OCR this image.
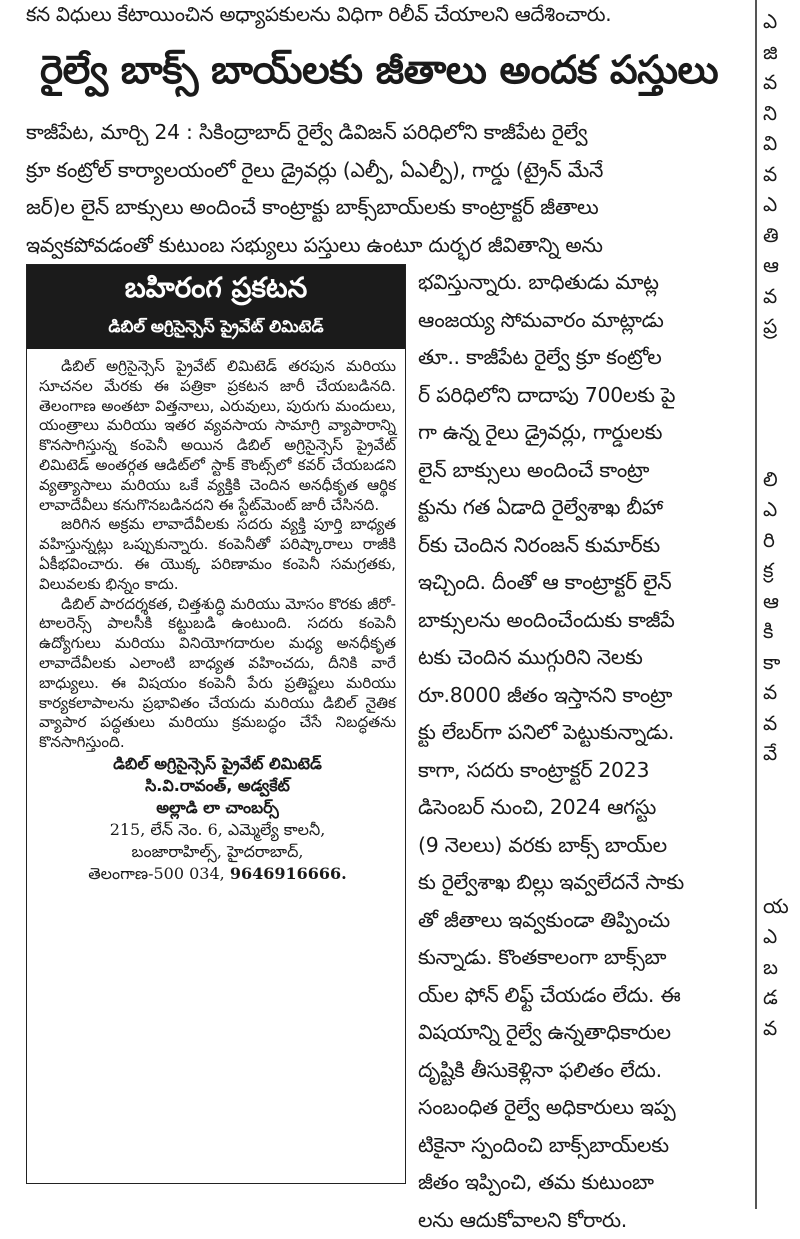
కన విధులు కేటాయించిన అధ్యాపకులను విధిగా రిలీవ్ చేయాలని ఆదేశించారు.
రైల్వే బాక్స్ బాయ్‌లకు జీతాలు అందక పస్తులు
కాజీపేట, మార్చి 24 : సికింద్రాబాద్ రైల్వే డివిజన్ పరిధిలోని కాజీపేట రైల్వే
క్రూ కంట్రోల్ కార్యాలయంలో రైలు డ్రైవర్లు (ఎల్పీ, ఏఎల్పీ), గార్డు (ట్రైన్ మేనే
జర్)ల లైన్ బాక్సులు అందించే కాంట్రాక్టు బాక్స్‌బాయ్‌లకు కాంట్రాక్టర్ జీతాలు
ఇవ్వకపోవడంతో కుటుంబ సభ్యులు పస్తులు ఉంటూ దుర్భర జీవితాన్ని అను
బహిరంగ ప్రకటన
డిబిల్ అగ్రిసైన్సెస్ ప్రైవేట్ లిమిటెడ్

డిబిల్ అగ్రిసైన్సెస్ ప్రైవేట్ లిమిటెడ్ తరపున మరియు సూచనల మేరకు ఈ పత్రికా ప్రకటన జారీ చేయబడినది. తెలంగాణ అంతటా విత్తనాలు, ఎరువులు, పురుగు మందులు, యంత్రాలు మరియు ఇతర వ్యవసాయ సామాగ్రి వ్యాపారాన్ని కొనసాగిస్తున్న కంపెనీ అయిన డిబిల్ అగ్రిసైన్సెస్ ప్రైవేట్ లిమిటెడ్ అంతర్గత ఆడిట్‌లో స్టాక్ కౌంట్స్‌లో కవర్ చేయబడని వ్యత్యాసాలు మరియు ఒకే వ్యక్తికి చెందిన అనధీకృత ఆర్థిక లావాదేవీలు కనుగొనబడినదని ఈ స్టేట్‌మెంట్ జారీ చేసినది.

జరిగిన అక్రమ లావాదేవీలకు సదరు వ్యక్తి పూర్తి బాధ్యత వహిస్తున్నట్లు ఒప్పుకున్నారు. కంపెనీతో పరిష్కారాలు రాజీకి ఏకీభవించారు. ఈ యొక్క పరిణామం కంపెనీ సమగ్రతకు, విలువలకు భిన్నం కాదు.

డిబిల్ పారదర్శకత, చిత్తశుద్ధి మరియు మోసం కొరకు జీరో-టాలరెన్స్ పాలసీకి కట్టుబడి ఉంటుంది. సదరు కంపెనీ ఉద్యోగులు మరియు వినియోగదారుల మధ్య అనధీకృత లావాదేవీలకు ఎలాంటి బాధ్యత వహించదు, దీనికి వారే బాధ్యులు. ఈ విషయం కంపెనీ పేరు ప్రతిష్టలు మరియు కార్యకలాపాలను ప్రభావితం చేయదు మరియు డిబిల్ నైతిక వ్యాపార పద్ధతులు మరియు క్రమబద్ధం చేసే నిబద్ధతను కొనసాగిస్తుంది.

డిబిల్ అగ్రిసైన్సెస్ ప్రైవేట్ లిమిటెడ్
సి.వి.రావంత్, అడ్వకేట్
అల్లాడి లా చాంబర్స్
215, లేన్ నెం. 6, ఎమ్మెల్యే కాలనీ,
బంజారాహిల్స్, హైదరాబాద్,
తెలంగాణ-500 034, 9646916666.
భవిస్తున్నారు. బాధితుడు మాట్ల
ఆంజయ్య సోమవారం మాట్లాడు
తూ.. కాజీపేట రైల్వే క్రూ కంట్రోల
ర్ పరిధిలోని దాదాపు 700లకు పై
గా ఉన్న రైలు డ్రైవర్లు, గార్డులకు
లైన్ బాక్సులు అందించే కాంట్రా
క్టును గత ఏడాది రైల్వేశాఖ బీహా
ర్‌కు చెందిన నిరంజన్ కుమార్‌కు
ఇచ్చింది. దీంతో ఆ కాంట్రాక్టర్ లైన్
బాక్సులను అందించేందుకు కాజీపే
టకు చెందిన ముగ్గురిని నెలకు
రూ.8000 జీతం ఇస్తానని కాంట్రా
క్టు లేబర్‌గా పనిలో పెట్టుకున్నాడు.
కాగా, సదరు కాంట్రాక్టర్ 2023
డిసెంబర్ నుంచి, 2024 ఆగస్టు
(9 నెలలు) వరకు బాక్స్ బాయ్‌ల
కు రైల్వేశాఖ బిల్లు ఇవ్వలేదనే సాకు
తో జీతాలు ఇవ్వకుండా తిప్పించు
కున్నాడు. కొంతకాలంగా బాక్స్‌బా
య్‌ల ఫోన్ లిఫ్ట్ చేయడం లేదు. ఈ
విషయాన్ని రైల్వే ఉన్నతాధికారుల
దృష్టికి తీసుకెళ్లినా ఫలితం లేదు.
సంబంధిత రైల్వే అధికారులు ఇప్ప
టికైనా స్పందించి బాక్స్‌బాయ్‌లకు
జీతం ఇప్పించి, తమ కుటుంబా
లను ఆదుకోవాలని కోరారు.
ఎ
జి
వ
ని
వి
వ
ఎ
తి
ఆ
వ
ప్ర
లి
ఎ
రి
క్ర
ఆ
కి
కా
వ
వ
వే
య
ఎ
బ
డ
వ
